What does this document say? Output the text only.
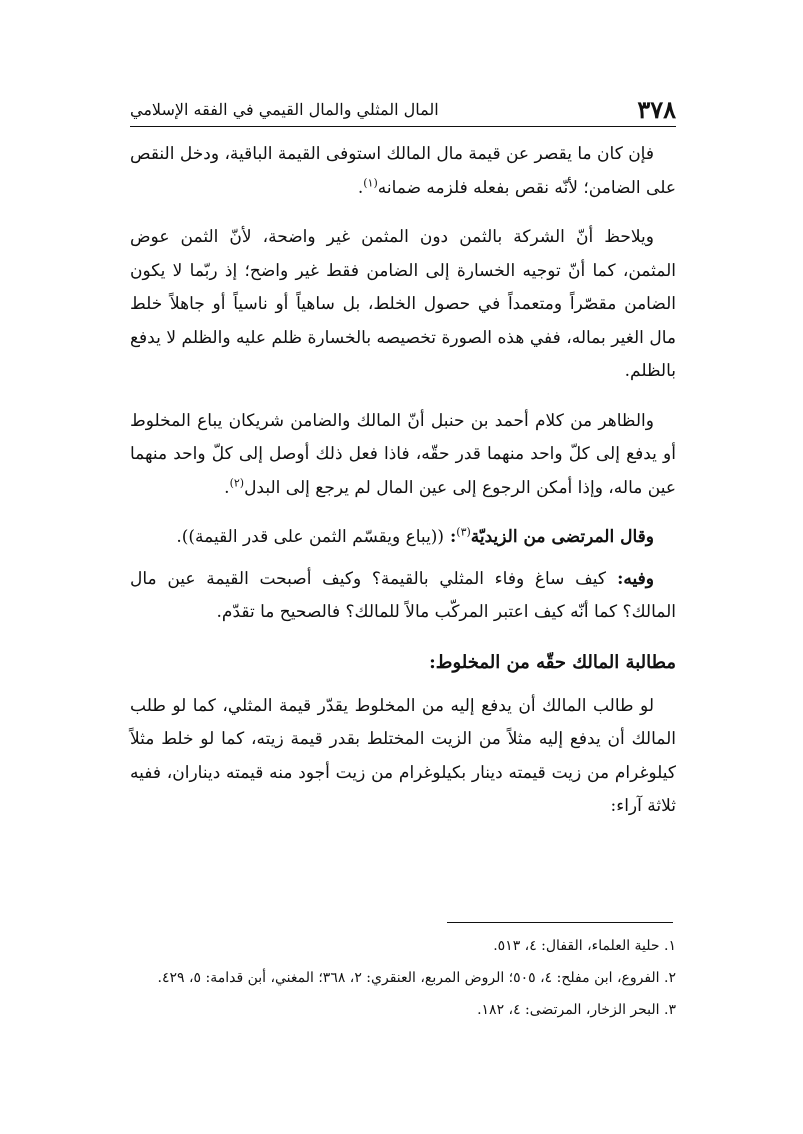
٣٧٨
المال المثلي والمال القيمي في الفقه الإسلامي

فإن كان ما يقصر عن قيمة مال المالك استوفى القيمة الباقية، ودخل النقص على الضامن؛ لأنّه نقص بفعله فلزمه ضمانه$^{(١)}$.

ويلاحظ أنّ الشركة بالثمن دون المثمن غير واضحة، لأنّ الثمن عوض المثمن، كما أنّ توجيه الخسارة إلى الضامن فقط غير واضح؛ إذ ربّما لا يكون الضامن مقصّراً ومتعمداً في حصول الخلط، بل ساهياً أو ناسياً أو جاهلاً خلط مال الغير بماله، ففي هذه الصورة تخصيصه بالخسارة ظلم عليه والظلم لا يدفع بالظلم.

والظاهر من كلام أحمد بن حنبل أنّ المالك والضامن شريكان يباع المخلوط أو يدفع إلى كلّ واحد منهما قدر حقّه، فاذا فعل ذلك أوصل إلى كلّ واحد منهما عين ماله، وإذا أمكن الرجوع إلى عين المال لم يرجع إلى البدل$^{(٢)}$.

وقال المرتضى من الزيديّة$^{(٣)}$: ((يباع ويقسّم الثمن على قدر القيمة)).

وفيه: كيف ساغ وفاء المثلي بالقيمة؟ وكيف أصبحت القيمة عين مال المالك؟ كما أنّه كيف اعتبر المركّب مالاً للمالك؟ فالصحيح ما تقدّم.

مطالبة المالك حقّه من المخلوط:

لو طالب المالك أن يدفع إليه من المخلوط يقدّر قيمة المثلي، كما لو طلب المالك أن يدفع إليه مثلاً من الزيت المختلط بقدر قيمة زيته، كما لو خلط مثلاً كيلوغرام من زيت قيمته دينار بكيلوغرام من زيت أجود منه قيمته ديناران، ففيه ثلاثة آراء:

١. حلية العلماء، القفال: ٤، ٥١٣.
٢. الفروع، ابن مفلح: ٤، ٥٠٥؛ الروض المربع، العنقري: ٢، ٣٦٨؛ المغني، أبن قدامة: ٥، ٤٢٩.
٣. البحر الزخار، المرتضى: ٤، ١٨٢.
